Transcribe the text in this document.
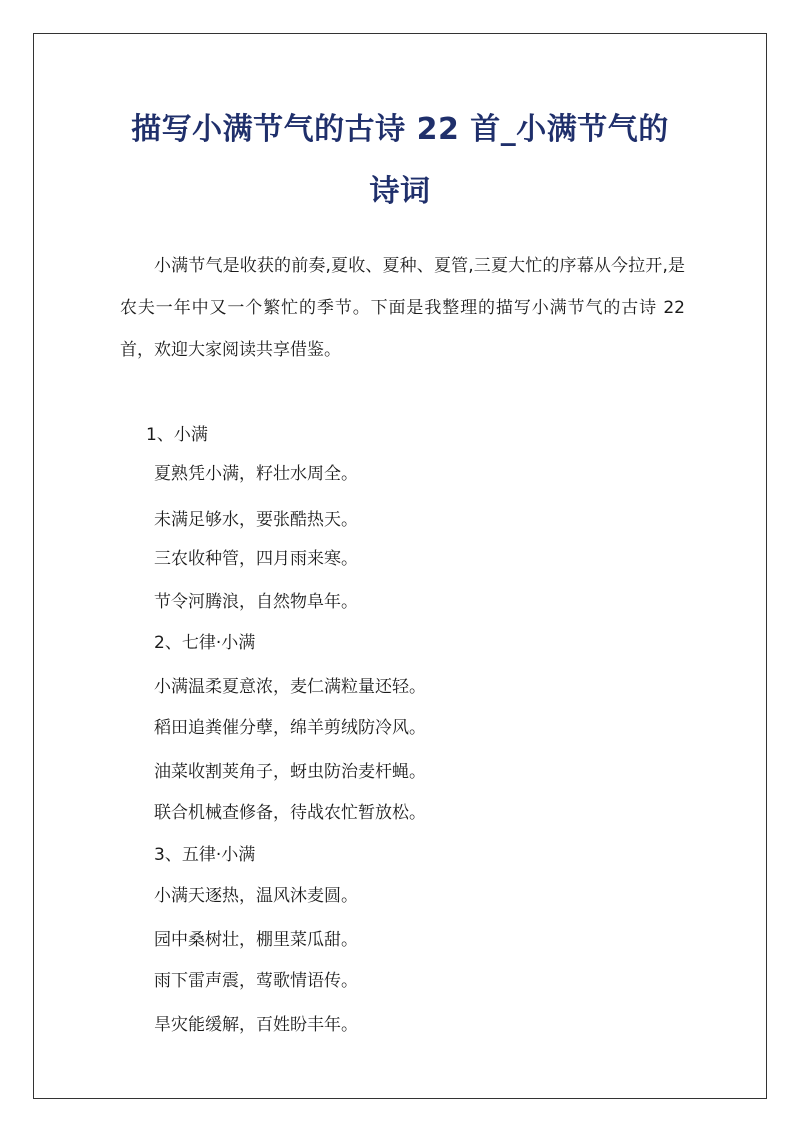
描写小满节气的古诗 22 首_小满节气的
诗词

小满节气是收获的前奏,夏收、夏种、夏管,三夏大忙的序幕从今拉开,是农夫一年中又一个繁忙的季节。下面是我整理的描写小满节气的古诗 22 首，欢迎大家阅读共享借鉴。

1、小满

夏熟凭小满，籽壮水周全。

未满足够水，要张酷热天。

三农收种管，四月雨来寒。

节令河腾浪，自然物阜年。

2、七律·小满

小满温柔夏意浓，麦仁满粒量还轻。

稻田追粪催分孽，绵羊剪绒防冷风。

油菜收割荚角子，蚜虫防治麦杆蝇。

联合机械查修备，待战农忙暂放松。

3、五律·小满

小满天逐热，温风沐麦圆。

园中桑树壮，棚里菜瓜甜。

雨下雷声震，莺歌情语传。

旱灾能缓解，百姓盼丰年。
